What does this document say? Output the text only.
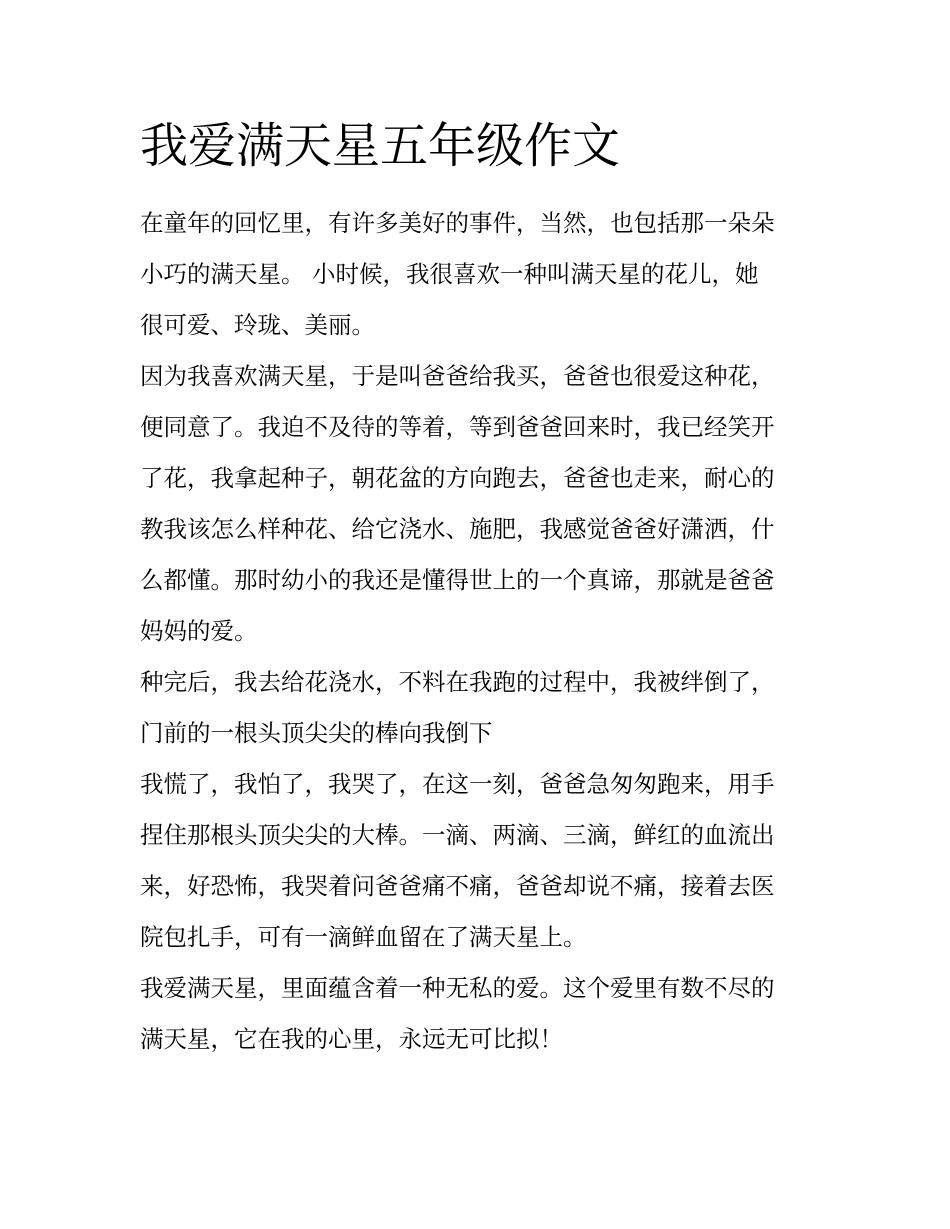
我爱满天星五年级作文
在童年的回忆里，有许多美好的事件，当然，也包括那一朵朵
小巧的满天星。 小时候，我很喜欢一种叫满天星的花儿，她
很可爱、玲珑、美丽。
因为我喜欢满天星，于是叫爸爸给我买，爸爸也很爱这种花，
便同意了。我迫不及待的等着，等到爸爸回来时，我已经笑开
了花，我拿起种子，朝花盆的方向跑去，爸爸也走来，耐心的
教我该怎么样种花、给它浇水、施肥，我感觉爸爸好潇洒，什
么都懂。那时幼小的我还是懂得世上的一个真谛，那就是爸爸
妈妈的爱。
种完后，我去给花浇水，不料在我跑的过程中，我被绊倒了，
门前的一根头顶尖尖的棒向我倒下
我慌了，我怕了，我哭了，在这一刻，爸爸急匆匆跑来，用手
捏住那根头顶尖尖的大棒。一滴、两滴、三滴，鲜红的血流出
来，好恐怖，我哭着问爸爸痛不痛，爸爸却说不痛，接着去医
院包扎手，可有一滴鲜血留在了满天星上。
我爱满天星，里面蕴含着一种无私的爱。这个爱里有数不尽的
满天星，它在我的心里，永远无可比拟！
